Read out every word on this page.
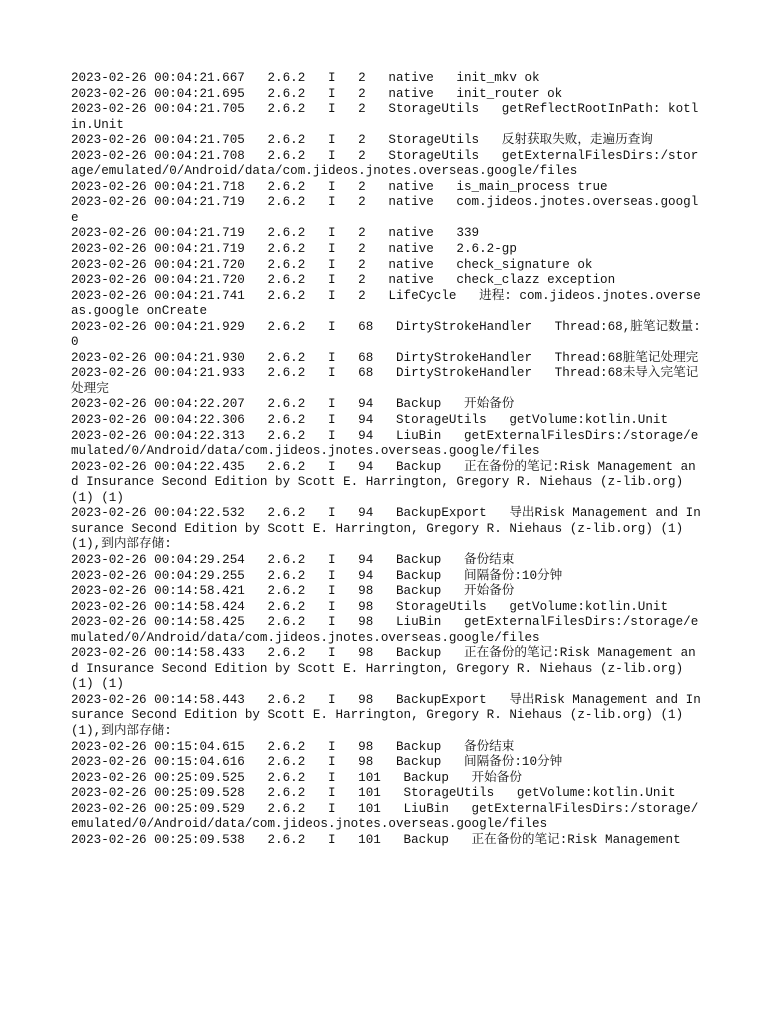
2023-02-26 00:04:21.667   2.6.2   I   2   native   init_mkv ok

2023-02-26 00:04:21.695   2.6.2   I   2   native   init_router ok

2023-02-26 00:04:21.705   2.6.2   I   2   StorageUtils   getReflectRootInPath: kotlin.Unit

2023-02-26 00:04:21.705   2.6.2   I   2   StorageUtils   反射获取失败，走遍历查询

2023-02-26 00:04:21.708   2.6.2   I   2   StorageUtils   getExternalFilesDirs:/storage/emulated/0/Android/data/com.jideos.jnotes.overseas.google/files

2023-02-26 00:04:21.718   2.6.2   I   2   native   is_main_process true

2023-02-26 00:04:21.719   2.6.2   I   2   native   com.jideos.jnotes.overseas.google

2023-02-26 00:04:21.719   2.6.2   I   2   native   339

2023-02-26 00:04:21.719   2.6.2   I   2   native   2.6.2-gp

2023-02-26 00:04:21.720   2.6.2   I   2   native   check_signature ok

2023-02-26 00:04:21.720   2.6.2   I   2   native   check_clazz exception

2023-02-26 00:04:21.741   2.6.2   I   2   LifeCycle   进程: com.jideos.jnotes.overseas.google onCreate

2023-02-26 00:04:21.929   2.6.2   I   68   DirtyStrokeHandler   Thread:68,脏笔记数量: 0

2023-02-26 00:04:21.930   2.6.2   I   68   DirtyStrokeHandler   Thread:68脏笔记处理完

2023-02-26 00:04:21.933   2.6.2   I   68   DirtyStrokeHandler   Thread:68未导入完笔记处理完

2023-02-26 00:04:22.207   2.6.2   I   94   Backup   开始备份

2023-02-26 00:04:22.306   2.6.2   I   94   StorageUtils   getVolume:kotlin.Unit

2023-02-26 00:04:22.313   2.6.2   I   94   LiuBin   getExternalFilesDirs:/storage/emulated/0/Android/data/com.jideos.jnotes.overseas.google/files

2023-02-26 00:04:22.435   2.6.2   I   94   Backup   正在备份的笔记:Risk Management and Insurance Second Edition by Scott E. Harrington, Gregory R. Niehaus (z-lib.org) (1) (1)

2023-02-26 00:04:22.532   2.6.2   I   94   BackupExport   导出Risk Management and Insurance Second Edition by Scott E. Harrington, Gregory R. Niehaus (z-lib.org) (1) (1),到内部存储:

2023-02-26 00:04:29.254   2.6.2   I   94   Backup   备份结束

2023-02-26 00:04:29.255   2.6.2   I   94   Backup   间隔备份:10分钟

2023-02-26 00:14:58.421   2.6.2   I   98   Backup   开始备份

2023-02-26 00:14:58.424   2.6.2   I   98   StorageUtils   getVolume:kotlin.Unit

2023-02-26 00:14:58.425   2.6.2   I   98   LiuBin   getExternalFilesDirs:/storage/emulated/0/Android/data/com.jideos.jnotes.overseas.google/files

2023-02-26 00:14:58.433   2.6.2   I   98   Backup   正在备份的笔记:Risk Management and Insurance Second Edition by Scott E. Harrington, Gregory R. Niehaus (z-lib.org) (1) (1)

2023-02-26 00:14:58.443   2.6.2   I   98   BackupExport   导出Risk Management and Insurance Second Edition by Scott E. Harrington, Gregory R. Niehaus (z-lib.org) (1) (1),到内部存储:

2023-02-26 00:15:04.615   2.6.2   I   98   Backup   备份结束

2023-02-26 00:15:04.616   2.6.2   I   98   Backup   间隔备份:10分钟

2023-02-26 00:25:09.525   2.6.2   I   101   Backup   开始备份

2023-02-26 00:25:09.528   2.6.2   I   101   StorageUtils   getVolume:kotlin.Unit

2023-02-26 00:25:09.529   2.6.2   I   101   LiuBin   getExternalFilesDirs:/storage/emulated/0/Android/data/com.jideos.jnotes.overseas.google/files

2023-02-26 00:25:09.538   2.6.2   I   101   Backup   正在备份的笔记:Risk Management
